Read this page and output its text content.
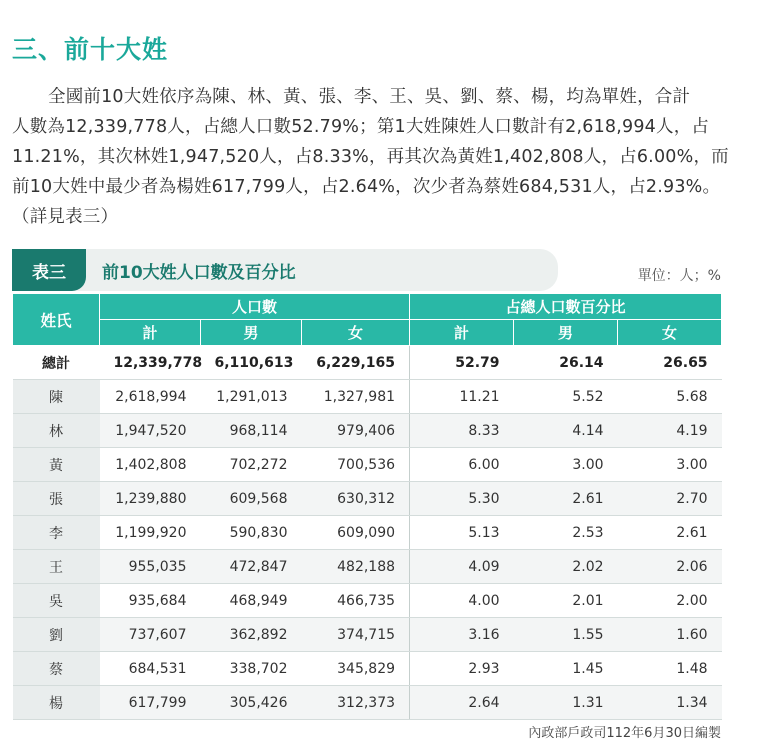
三、前十大姓
全國前10大姓依序為陳、林、黃、張、李、王、吳、劉、蔡、楊，均為單姓，合計
人數為12,339,778人，占總人口數52.79%；第1大姓陳姓人口數計有2,618,994人，占
11.21%，其次林姓1,947,520人，占8.33%，再其次為黃姓1,402,808人，占6.00%，而
前10大姓中最少者為楊姓617,799人，占2.64%，次少者為蔡姓684,531人，占2.93%。
（詳見表三）
表三	前10大姓人口數及百分比	單位：人；%
姓氏	人口數			占總人口數百分比		
	計	男	女	計	男	女
總計	12,339,778	6,110,613	6,229,165	52.79	26.14	26.65
陳	2,618,994	1,291,013	1,327,981	11.21	5.52	5.68
林	1,947,520	968,114	979,406	8.33	4.14	4.19
黃	1,402,808	702,272	700,536	6.00	3.00	3.00
張	1,239,880	609,568	630,312	5.30	2.61	2.70
李	1,199,920	590,830	609,090	5.13	2.53	2.61
王	955,035	472,847	482,188	4.09	2.02	2.06
吳	935,684	468,949	466,735	4.00	2.01	2.00
劉	737,607	362,892	374,715	3.16	1.55	1.60
蔡	684,531	338,702	345,829	2.93	1.45	1.48
楊	617,799	305,426	312,373	2.64	1.31	1.34
內政部戶政司112年6月30日編製
